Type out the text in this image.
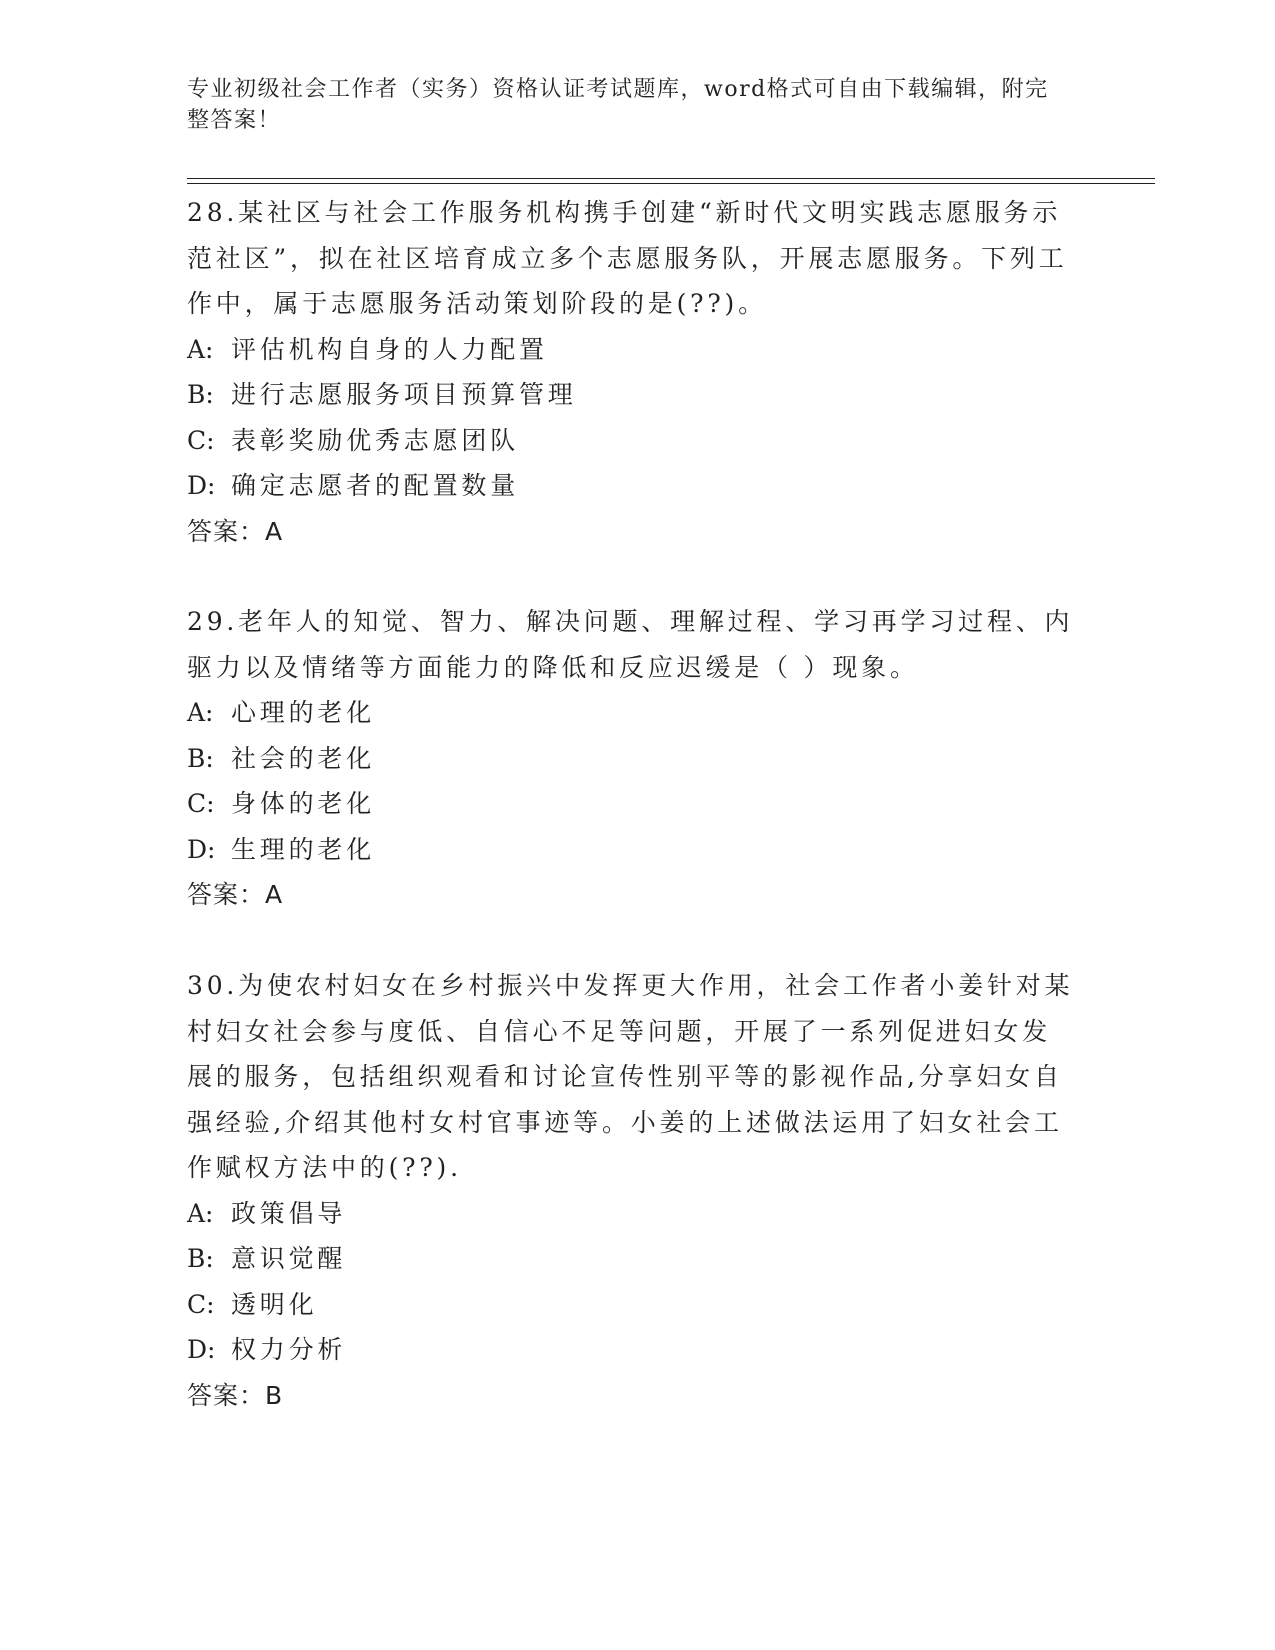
专业初级社会工作者（实务）资格认证考试题库，word格式可自由下载编辑，附完整答案！

28.某社区与社会工作服务机构携手创建“新时代文明实践志愿服务示范社区”，拟在社区培育成立多个志愿服务队，开展志愿服务。下列工作中，属于志愿服务活动策划阶段的是(??)。

A: 评估机构自身的人力配置

B: 进行志愿服务项目预算管理

C: 表彰奖励优秀志愿团队

D: 确定志愿者的配置数量

答案：A

29.老年人的知觉、智力、解决问题、理解过程、学习再学习过程、内驱力以及情绪等方面能力的降低和反应迟缓是（ ）现象。

A: 心理的老化

B: 社会的老化

C: 身体的老化

D: 生理的老化

答案：A

30.为使农村妇女在乡村振兴中发挥更大作用，社会工作者小姜针对某村妇女社会参与度低、自信心不足等问题，开展了一系列促进妇女发展的服务，包括组织观看和讨论宣传性别平等的影视作品,分享妇女自强经验,介绍其他村女村官事迹等。小姜的上述做法运用了妇女社会工作赋权方法中的(??).

A: 政策倡导

B: 意识觉醒

C: 透明化

D: 权力分析

答案：B
